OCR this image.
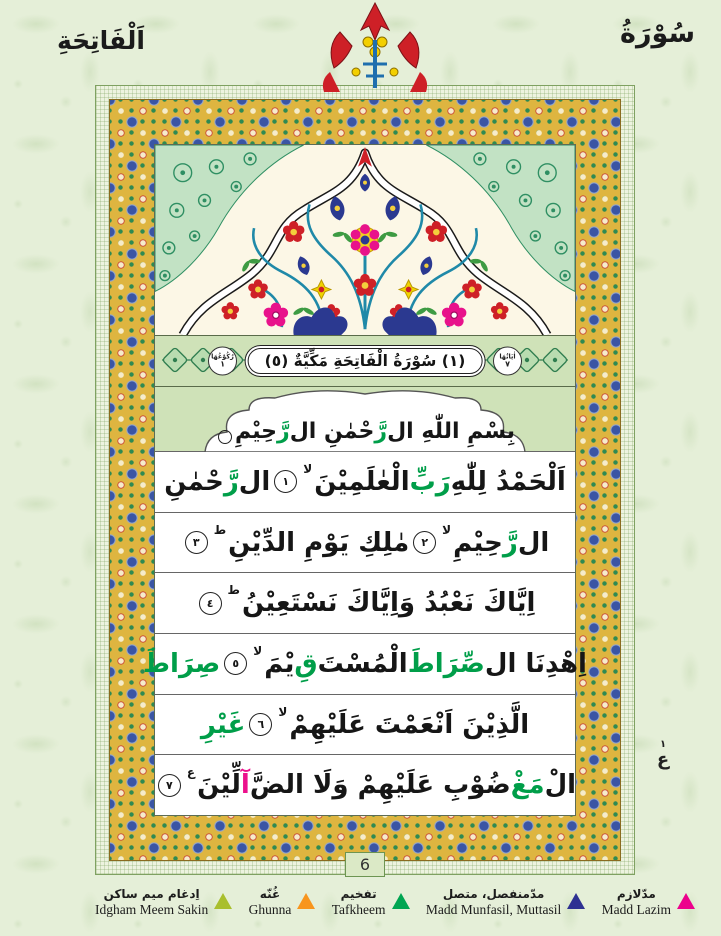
اَلْفَاتِحَةِ	سُوْرَةُ
اٰيَاتُهَا
٧
(١) سُوْرَةُ الْفَاتِحَةِ مَكِّيَّةٌ (٥)
رُكُوْعُهَا
١
بِسْمِ اللّٰهِ ال
رَّ
حْمٰنِ ال
رَّ
حِيْمِ
اَلْحَمْدُ لِلّٰهِ
رَبِّ
الْعٰلَمِيْنَ
لا
١
ال
رَّ
حْمٰنِ
ال
رَّ
حِيْمِ
لا
٢
مٰلِكِ يَوْمِ الدِّيْنِ
ط
٣
اِيَّاكَ نَعْبُدُ وَاِيَّاكَ نَسْتَعِيْنُ
ط
٤
اِهْدِنَا ال
صِّرَاطَ
الْمُسْتَ
قِ
يْمَ
لا
٥
صِرَاطَ
الَّذِيْنَ اَنْعَمْتَ عَلَيْهِمْ
لا
٦
غَيْرِ
الْ
مَغْ
ضُوْبِ عَلَيْهِمْ وَلَا الضَّ
آ
لِّيْنَ
ع
٧
6
١
ع
اِدغام میم ساکن
Idgham Meem Sakin
غُنّه
Ghunna
تفخیم
Tafkheem
مدّمنفصل، متصل
Madd Munfasil, Muttasil
مدّلازم
Madd Lazim
